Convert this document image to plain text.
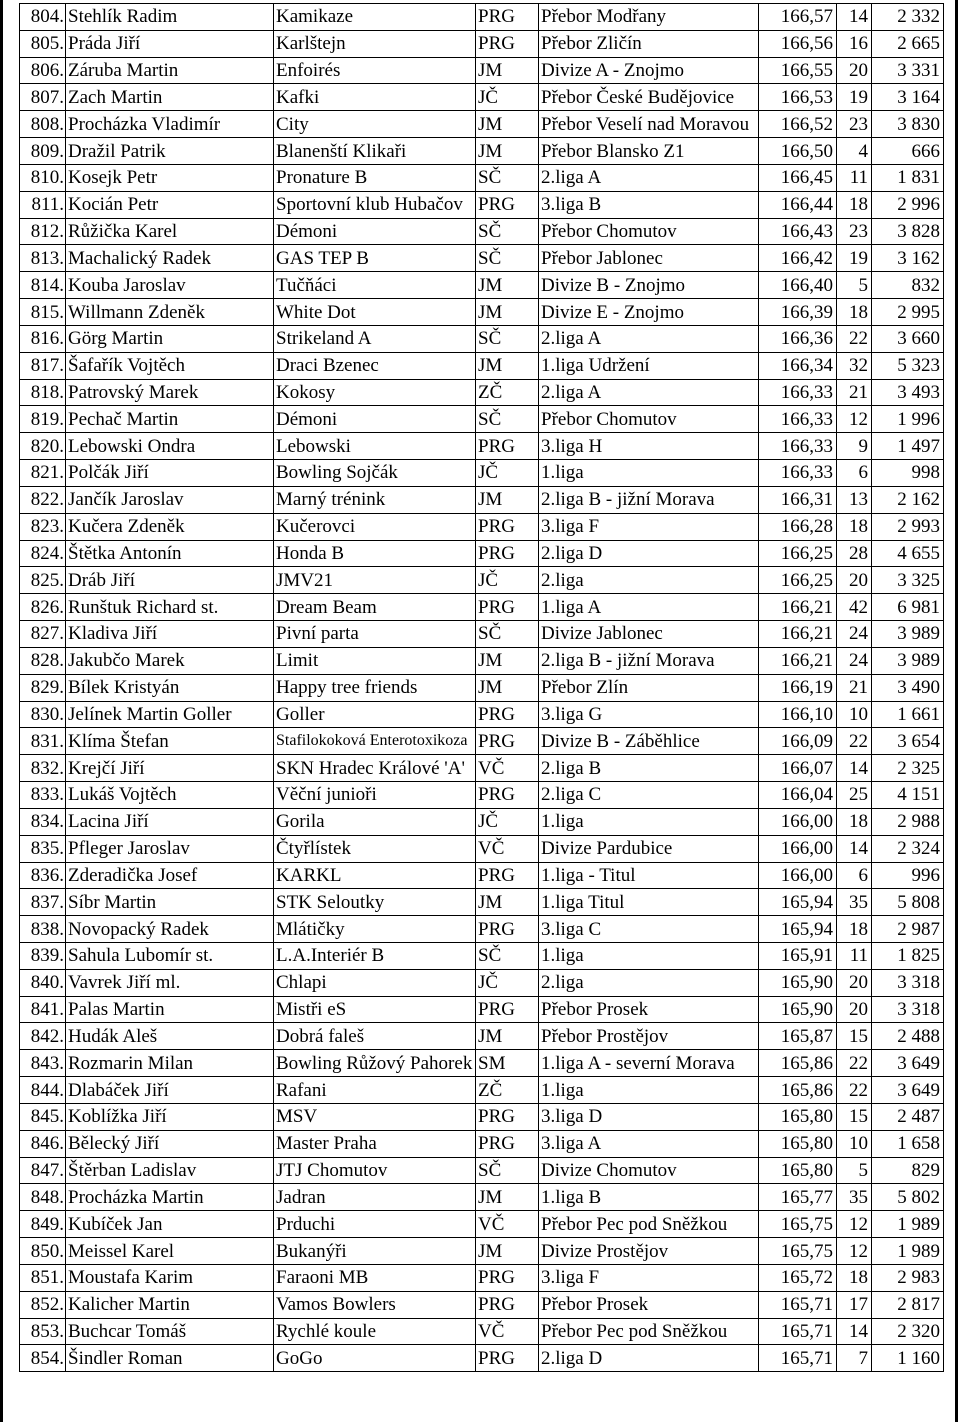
804.	Stehlík Radim	Kamikaze	PRG	Přebor Modřany	166,57	14	2 332
805.	Práda Jiří	Karlštejn	PRG	Přebor Zličín	166,56	16	2 665
806.	Záruba Martin	Enfoirés	JM	Divize A - Znojmo	166,55	20	3 331
807.	Zach Martin	Kafki	JČ	Přebor České Budějovice	166,53	19	3 164
808.	Procházka Vladimír	City	JM	Přebor Veselí nad Moravou	166,52	23	3 830
809.	Dražil Patrik	Blanenští Klikaři	JM	Přebor Blansko Z1	166,50	4	666
810.	Kosejk Petr	Pronature B	SČ	2.liga A	166,45	11	1 831
811.	Kocián Petr	Sportovní klub Hubačov	PRG	3.liga B	166,44	18	2 996
812.	Růžička Karel	Démoni	SČ	Přebor Chomutov	166,43	23	3 828
813.	Machalický Radek	GAS TEP B	SČ	Přebor Jablonec	166,42	19	3 162
814.	Kouba Jaroslav	Tučňáci	JM	Divize B - Znojmo	166,40	5	832
815.	Willmann Zdeněk	White Dot	JM	Divize E - Znojmo	166,39	18	2 995
816.	Görg Martin	Strikeland A	SČ	2.liga A	166,36	22	3 660
817.	Šafařík Vojtěch	Draci Bzenec	JM	1.liga Udržení	166,34	32	5 323
818.	Patrovský Marek	Kokosy	ZČ	2.liga A	166,33	21	3 493
819.	Pechač Martin	Démoni	SČ	Přebor Chomutov	166,33	12	1 996
820.	Lebowski Ondra	Lebowski	PRG	3.liga H	166,33	9	1 497
821.	Polčák Jiří	Bowling Sojčák	JČ	1.liga	166,33	6	998
822.	Jančík Jaroslav	Marný trénink	JM	2.liga B - jižní Morava	166,31	13	2 162
823.	Kučera Zdeněk	Kučerovci	PRG	3.liga F	166,28	18	2 993
824.	Štětka Antonín	Honda B	PRG	2.liga D	166,25	28	4 655
825.	Dráb Jiří	JMV21	JČ	2.liga	166,25	20	3 325
826.	Runštuk Richard st.	Dream Beam	PRG	1.liga A	166,21	42	6 981
827.	Kladiva Jiří	Pivní parta	SČ	Divize Jablonec	166,21	24	3 989
828.	Jakubčo Marek	Limit	JM	2.liga B - jižní Morava	166,21	24	3 989
829.	Bílek Kristyán	Happy tree friends	JM	Přebor Zlín	166,19	21	3 490
830.	Jelínek Martin Goller	Goller	PRG	3.liga G	166,10	10	1 661
831.	Klíma Štefan	Stafilokoková Enterotoxikoza	PRG	Divize B - Záběhlice	166,09	22	3 654
832.	Krejčí Jiří	SKN Hradec Králové 'A'	VČ	2.liga B	166,07	14	2 325
833.	Lukáš Vojtěch	Věční junioři	PRG	2.liga C	166,04	25	4 151
834.	Lacina Jiří	Gorila	JČ	1.liga	166,00	18	2 988
835.	Pfleger Jaroslav	Čtyřlístek	VČ	Divize Pardubice	166,00	14	2 324
836.	Zderadička Josef	KARKL	PRG	1.liga - Titul	166,00	6	996
837.	Síbr Martin	STK Seloutky	JM	1.liga Titul	165,94	35	5 808
838.	Novopacký Radek	Mlátičky	PRG	3.liga C	165,94	18	2 987
839.	Sahula Lubomír st.	L.A.Interiér B	SČ	1.liga	165,91	11	1 825
840.	Vavrek Jiří ml.	Chlapi	JČ	2.liga	165,90	20	3 318
841.	Palas Martin	Mistři eS	PRG	Přebor Prosek	165,90	20	3 318
842.	Hudák Aleš	Dobrá faleš	JM	Přebor Prostějov	165,87	15	2 488
843.	Rozmarin Milan	Bowling Růžový Pahorek	SM	1.liga A - severní Morava	165,86	22	3 649
844.	Dlabáček Jiří	Rafani	ZČ	1.liga	165,86	22	3 649
845.	Koblížka Jiří	MSV	PRG	3.liga D	165,80	15	2 487
846.	Bělecký Jiří	Master Praha	PRG	3.liga A	165,80	10	1 658
847.	Štěrban Ladislav	JTJ Chomutov	SČ	Divize Chomutov	165,80	5	829
848.	Procházka Martin	Jadran	JM	1.liga B	165,77	35	5 802
849.	Kubíček Jan	Prduchi	VČ	Přebor Pec pod Sněžkou	165,75	12	1 989
850.	Meissel Karel	Bukanýři	JM	Divize Prostějov	165,75	12	1 989
851.	Moustafa Karim	Faraoni MB	PRG	3.liga F	165,72	18	2 983
852.	Kalicher Martin	Vamos Bowlers	PRG	Přebor Prosek	165,71	17	2 817
853.	Buchcar Tomáš	Rychlé koule	VČ	Přebor Pec pod Sněžkou	165,71	14	2 320
854.	Šindler Roman	GoGo	PRG	2.liga D	165,71	7	1 160
